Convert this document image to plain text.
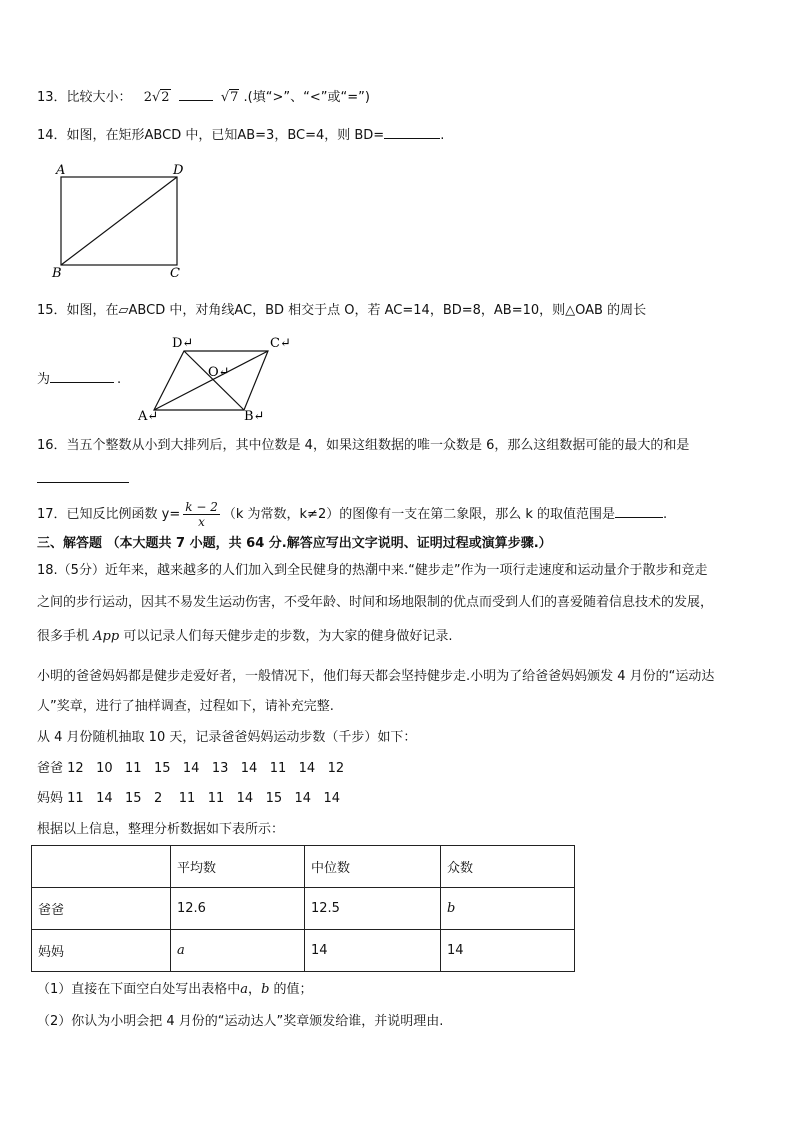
13．比较大小： 2√2	√7 .(填“>”、“<”或“=”)
14．如图，在矩形ABCD 中，已知AB=3，BC=4，则 BD=	.
A	D
B	C
15．如图，在▱ABCD 中，对角线AC，BD 相交于点 O，若 AC=14，BD=8，AB=10，则△OAB 的周长
为	.
D↵	C↵
O↵
A↵	B↵
16．当五个整数从小到大排列后，其中位数是 4，如果这组数据的唯一众数是 6，那么这组数据可能的最大的和是
17．已知反比例函数 $y= \frac{k - 2}{x} (k$ 为常数，k≠2）的图像有一支在第二象限，那么 k 的取值范围是	.
三、解答题 （本大题共 7 小题，共 64 分.解答应写出文字说明、证明过程或演算步骤.）
18.（5分）近年来，越来越多的人们加入到全民健身的热潮中来.“健步走”作为一项行走速度和运动量介于散步和竞走
之间的步行运动，因其不易发生运动伤害，不受年龄、时间和场地限制的优点而受到人们的喜爱随着信息技术的发展，
很多手机 App 可以记录人们每天健步走的步数，为大家的健身做好记录.
小明的爸爸妈妈都是健步走爱好者，一般情况下，他们每天都会坚持健步走.小明为了给爸爸妈妈颁发 4 月份的“运动达
人”奖章，进行了抽样调查，过程如下，请补充完整.
从 4 月份随机抽取 10 天，记录爸爸妈妈运动步数（千步）如下：
爸爸 12   10   11   15   14   13   14   11   14   12
妈妈 11   14   15   2    11   11   14   15   14   14
根据以上信息，整理分析数据如下表所示：
	平均数	中位数	众数
爸爸	12.6	12.5	b
妈妈	a	14	14
（1）直接在下面空白处写出表格中a，b 的值；
（2）你认为小明会把 4 月份的“运动达人”奖章颁发给谁，并说明理由.
